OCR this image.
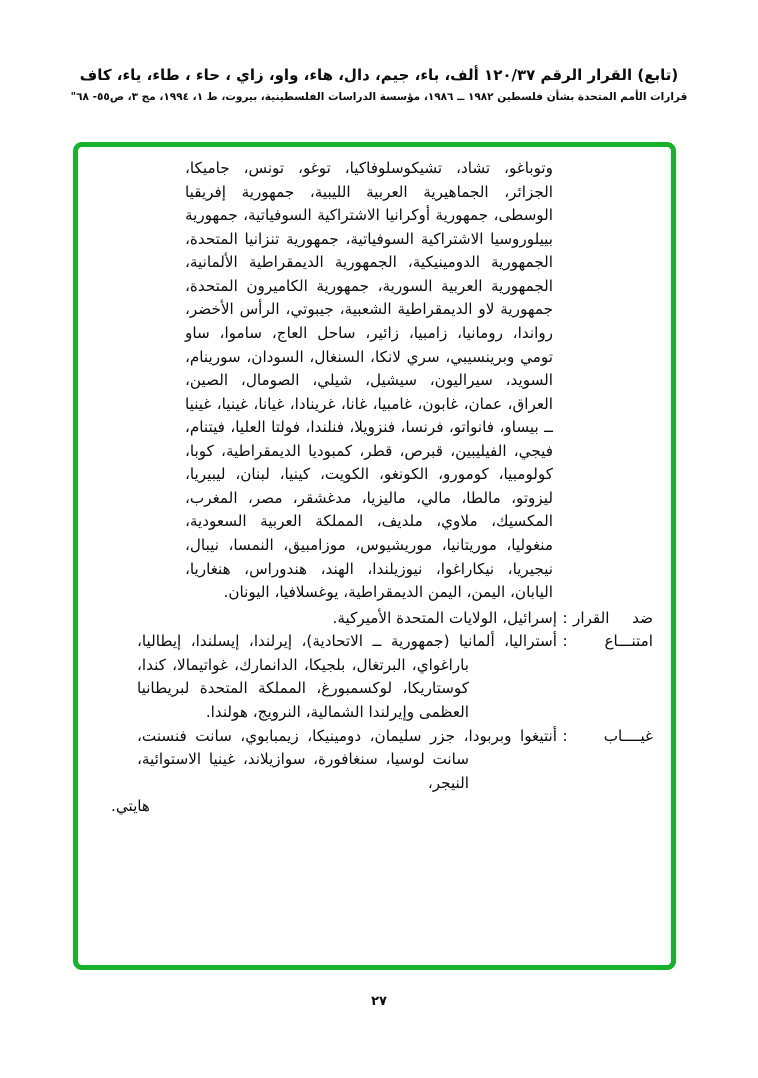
(تابع) القرار الرقم ١٢٠/٣٧ ألف، باء، جيم، دال، هاء، واو، زاي ، حاء ، طاء، ياء، كاف
قرارات الأمم المتحدة بشأن فلسطين ١٩٨٢ ــ ١٩٨٦، مؤسسة الدراسات الفلسطينية، بيروت، ط ١، ١٩٩٤، مج ٣، ص٥٥- ٦٨"

وتوباغو، تشاد، تشيكوسلوفاكيا، توغو، تونس، جاميكا، الجزائر، الجماهيرية العربية الليبية، جمهورية إفريقيا الوسطى، جمهورية أوكرانيا الاشتراكية السوفياتية، جمهورية بييلوروسيا الاشتراكية السوفياتية، جمهورية تنزانيا المتحدة، الجمهورية الدومينيكية، الجمهورية الديمقراطية الألمانية، الجمهورية العربية السورية، جمهورية الكاميرون المتحدة، جمهورية لاو الديمقراطية الشعبية، جيبوتي، الرأس الأخضر، رواندا، رومانيا، زامبيا، زائير، ساحل العاج، ساموا، ساو تومي وبرينسيبي، سري لانكا، السنغال، السودان، سورينام، السويد، سيراليون، سيشيل، شيلي، الصومال، الصين، العراق، عمان، غابون، غامبيا، غانا، غرينادا، غيانا، غينيا، غينيا ــ بيساو، فانواتو، فرنسا، فنزويلا، فنلندا، فولتا العليا، فيتنام، فيجي، الفيليبين، قبرص، قطر، كمبوديا الديمقراطية، كوبا، كولومبيا، كومورو، الكونغو، الكويت، كينيا، لبنان، ليبيريا، ليزوتو، مالطا، مالي، ماليزيا، مدغشقر، مصر، المغرب، المكسيك، ملاوي، ملديف، المملكة العربية السعودية، منغوليا، موريتانيا، موريشيوس، موزامبيق، النمسا، نيبال، نيجيريا، نيكاراغوا، نيوزيلندا، الهند، هندوراس، هنغاريا، اليابان، اليمن، اليمن الديمقراطية، يوغسلافيا، اليونان.

ضد القرار
:
إسرائيل، الولايات المتحدة الأميركية.
امتنـــاع
:
أستراليا، ألمانيا (جمهورية ــ الاتحادية)، إيرلندا، إيسلندا، إيطاليا، باراغواي، البرتغال، بلجيكا، الدانمارك، غواتيمالا، كندا، كوستاريكا، لوكسمبورغ، المملكة المتحدة لبريطانيا العظمى وإيرلندا الشمالية، النرويج، هولندا.
غيــــاب
:
أنتيغوا وبربودا، جزر سليمان، دومينيكا، زيمبابوي، سانت فنسنت، سانت لوسيا، سنغافورة، سوازيلاند، غينيا الاستوائية، النيجر،
هايتي.
٢٧
